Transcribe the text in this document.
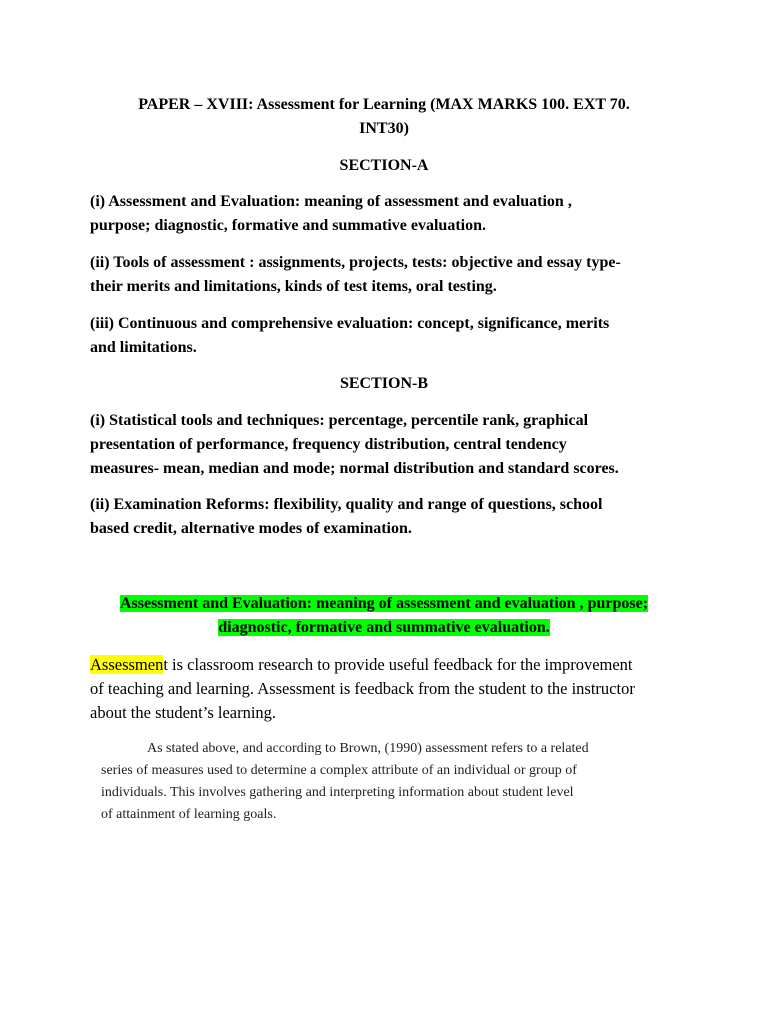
PAPER – XVIII: Assessment for Learning (MAX MARKS 100. EXT 70.
INT30)
SECTION-A
(i) Assessment and Evaluation: meaning of assessment and evaluation ,
purpose; diagnostic, formative and summative evaluation.
(ii) Tools of assessment : assignments, projects, tests: objective and essay type-
their merits and limitations, kinds of test items, oral testing.
(iii) Continuous and comprehensive evaluation: concept, significance, merits
and limitations.
SECTION-B
(i) Statistical tools and techniques: percentage, percentile rank, graphical
presentation of performance, frequency distribution, central tendency
measures- mean, median and mode; normal distribution and standard scores.
(ii) Examination Reforms: flexibility, quality and range of questions, school
based credit, alternative modes of examination.
Assessment and Evaluation: meaning of assessment and evaluation , purpose;
diagnostic, formative and summative evaluation.
Assessment is classroom research to provide useful feedback for the improvement
of teaching and learning. Assessment is feedback from the student to the instructor
about the student’s learning.
As stated above, and according to Brown, (1990) assessment refers to a related
series of measures used to determine a complex attribute of an individual or group of
individuals. This involves gathering and interpreting information about student level
of attainment of learning goals.
